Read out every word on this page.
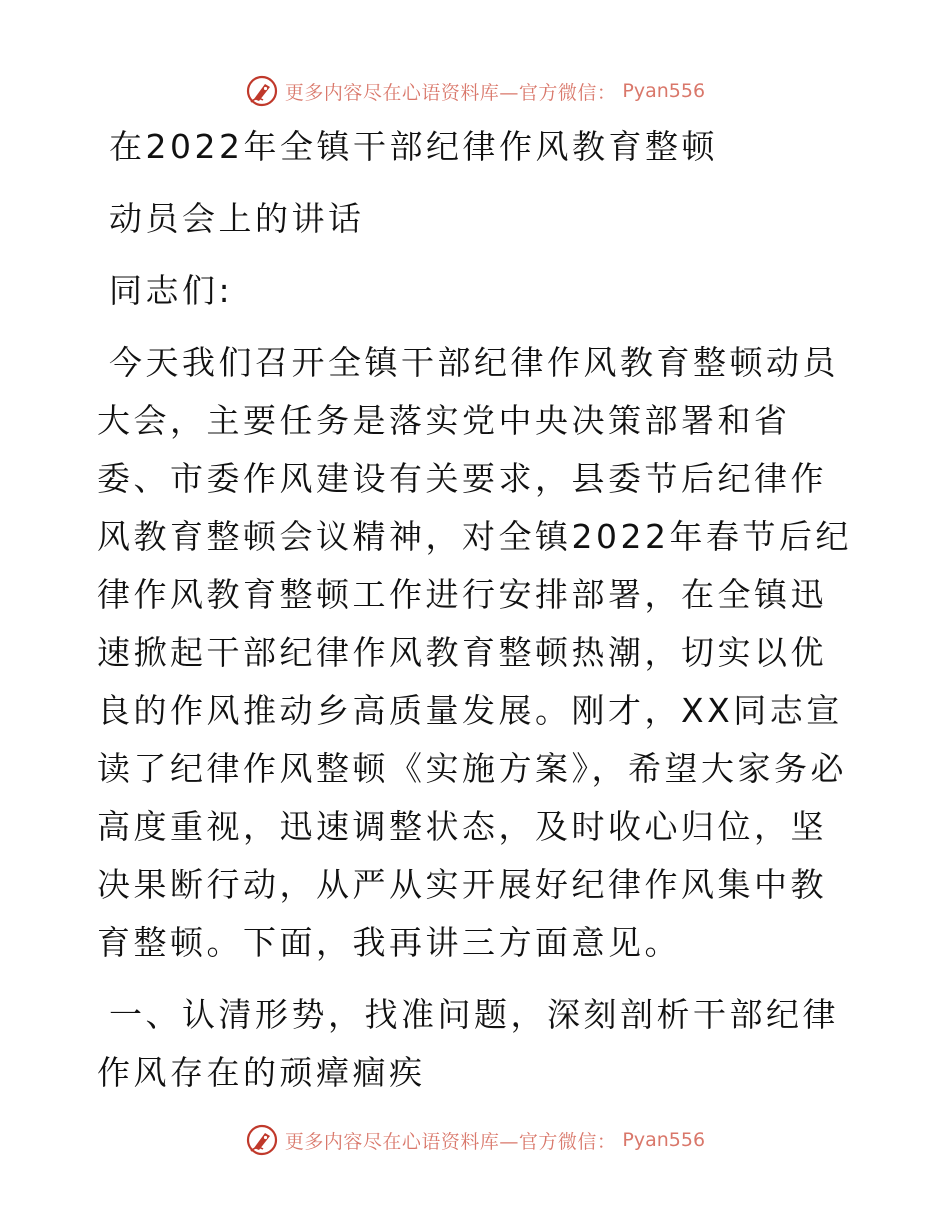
更多内容尽在心语资料库—官方微信： Pyan556

在2022年全镇干部纪律作风教育整顿

动员会上的讲话

同志们:

今天我们召开全镇干部纪律作风教育整顿动员大会，主要任务是落实党中央决策部署和省委、市委作风建设有关要求，县委节后纪律作风教育整顿会议精神，对全镇2022年春节后纪律作风教育整顿工作进行安排部署，在全镇迅速掀起干部纪律作风教育整顿热潮，切实以优良的作风推动乡高质量发展。刚才，XX同志宣读了纪律作风整顿《实施方案》，希望大家务必高度重视，迅速调整状态，及时收心归位，坚决果断行动，从严从实开展好纪律作风集中教育整顿。下面，我再讲三方面意见。

一、认清形势，找准问题，深刻剖析干部纪律作风存在的顽瘴痼疾

更多内容尽在心语资料库—官方微信： Pyan556
